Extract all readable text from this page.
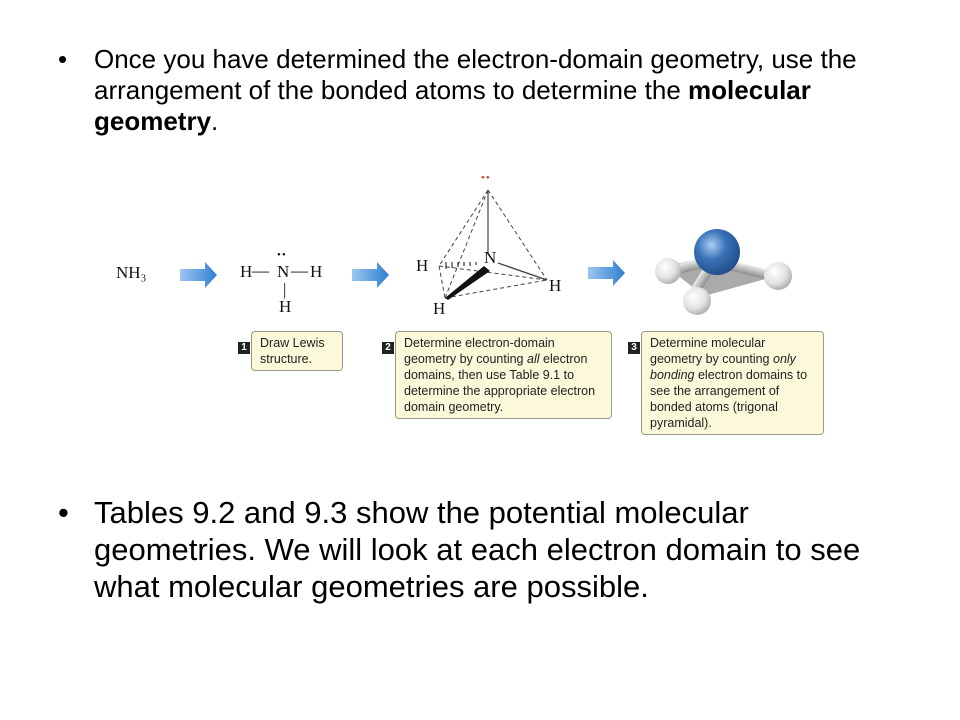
•	Once you have determined the electron-domain geometry, use the arrangement of the bonded atoms to determine the molecular geometry.
NH₃	H — N
••
— H
|
H
••
N
H
H
H
1	Draw Lewis structure.
2	Determine electron-domain geometry by counting all electron domains, then use Table 9.1 to determine the appropriate electron domain geometry.
3	Determine molecular geometry by counting only bonding electron domains to see the arrangement of bonded atoms (trigonal pyramidal).
• Tables 9.2 and 9.3 show the potential molecular geometries. We will look at each electron domain to see what molecular geometries are possible.
